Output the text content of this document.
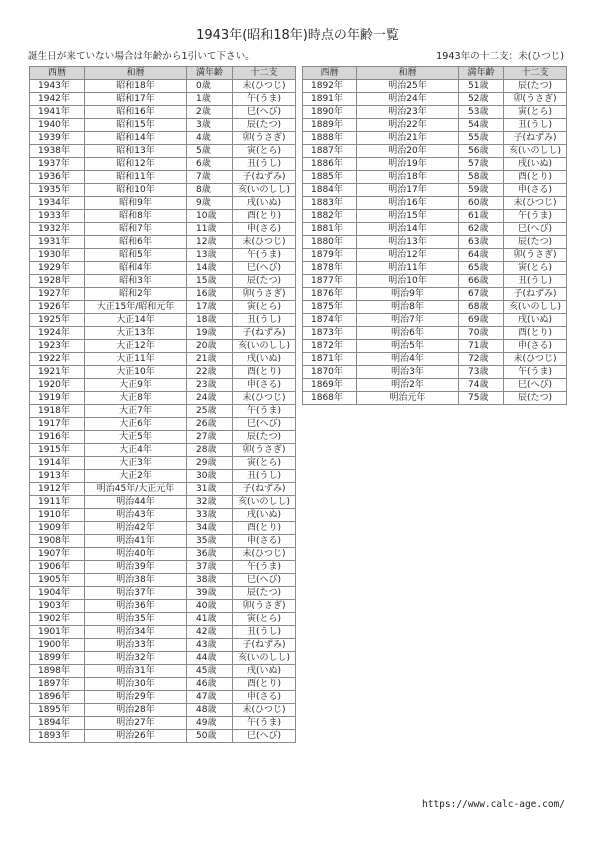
1943年(昭和18年)時点の年齢一覧
誕生日が来ていない場合は年齢から1引いて下さい。	1943年の十二支：未(ひつじ)
西暦	和暦	満年齢	十二支
1943年	昭和18年	0歳	未(ひつじ)
1942年	昭和17年	1歳	午(うま)
1941年	昭和16年	2歳	巳(へび)
1940年	昭和15年	3歳	辰(たつ)
1939年	昭和14年	4歳	卯(うさぎ)
1938年	昭和13年	5歳	寅(とら)
1937年	昭和12年	6歳	丑(うし)
1936年	昭和11年	7歳	子(ねずみ)
1935年	昭和10年	8歳	亥(いのしし)
1934年	昭和9年	9歳	戌(いぬ)
1933年	昭和8年	10歳	酉(とり)
1932年	昭和7年	11歳	申(さる)
1931年	昭和6年	12歳	未(ひつじ)
1930年	昭和5年	13歳	午(うま)
1929年	昭和4年	14歳	巳(へび)
1928年	昭和3年	15歳	辰(たつ)
1927年	昭和2年	16歳	卯(うさぎ)
1926年	大正15年/昭和元年	17歳	寅(とら)
1925年	大正14年	18歳	丑(うし)
1924年	大正13年	19歳	子(ねずみ)
1923年	大正12年	20歳	亥(いのしし)
1922年	大正11年	21歳	戌(いぬ)
1921年	大正10年	22歳	酉(とり)
1920年	大正9年	23歳	申(さる)
1919年	大正8年	24歳	未(ひつじ)
1918年	大正7年	25歳	午(うま)
1917年	大正6年	26歳	巳(へび)
1916年	大正5年	27歳	辰(たつ)
1915年	大正4年	28歳	卯(うさぎ)
1914年	大正3年	29歳	寅(とら)
1913年	大正2年	30歳	丑(うし)
1912年	明治45年/大正元年	31歳	子(ねずみ)
1911年	明治44年	32歳	亥(いのしし)
1910年	明治43年	33歳	戌(いぬ)
1909年	明治42年	34歳	酉(とり)
1908年	明治41年	35歳	申(さる)
1907年	明治40年	36歳	未(ひつじ)
1906年	明治39年	37歳	午(うま)
1905年	明治38年	38歳	巳(へび)
1904年	明治37年	39歳	辰(たつ)
1903年	明治36年	40歳	卯(うさぎ)
1902年	明治35年	41歳	寅(とら)
1901年	明治34年	42歳	丑(うし)
1900年	明治33年	43歳	子(ねずみ)
1899年	明治32年	44歳	亥(いのしし)
1898年	明治31年	45歳	戌(いぬ)
1897年	明治30年	46歳	酉(とり)
1896年	明治29年	47歳	申(さる)
1895年	明治28年	48歳	未(ひつじ)
1894年	明治27年	49歳	午(うま)
1893年	明治26年	50歳	巳(へび)
西暦	和暦	満年齢	十二支
1892年	明治25年	51歳	辰(たつ)
1891年	明治24年	52歳	卯(うさぎ)
1890年	明治23年	53歳	寅(とら)
1889年	明治22年	54歳	丑(うし)
1888年	明治21年	55歳	子(ねずみ)
1887年	明治20年	56歳	亥(いのしし)
1886年	明治19年	57歳	戌(いぬ)
1885年	明治18年	58歳	酉(とり)
1884年	明治17年	59歳	申(さる)
1883年	明治16年	60歳	未(ひつじ)
1882年	明治15年	61歳	午(うま)
1881年	明治14年	62歳	巳(へび)
1880年	明治13年	63歳	辰(たつ)
1879年	明治12年	64歳	卯(うさぎ)
1878年	明治11年	65歳	寅(とら)
1877年	明治10年	66歳	丑(うし)
1876年	明治9年	67歳	子(ねずみ)
1875年	明治8年	68歳	亥(いのしし)
1874年	明治7年	69歳	戌(いぬ)
1873年	明治6年	70歳	酉(とり)
1872年	明治5年	71歳	申(さる)
1871年	明治4年	72歳	未(ひつじ)
1870年	明治3年	73歳	午(うま)
1869年	明治2年	74歳	巳(へび)
1868年	明治元年	75歳	辰(たつ)
https://www.calc-age.com/
